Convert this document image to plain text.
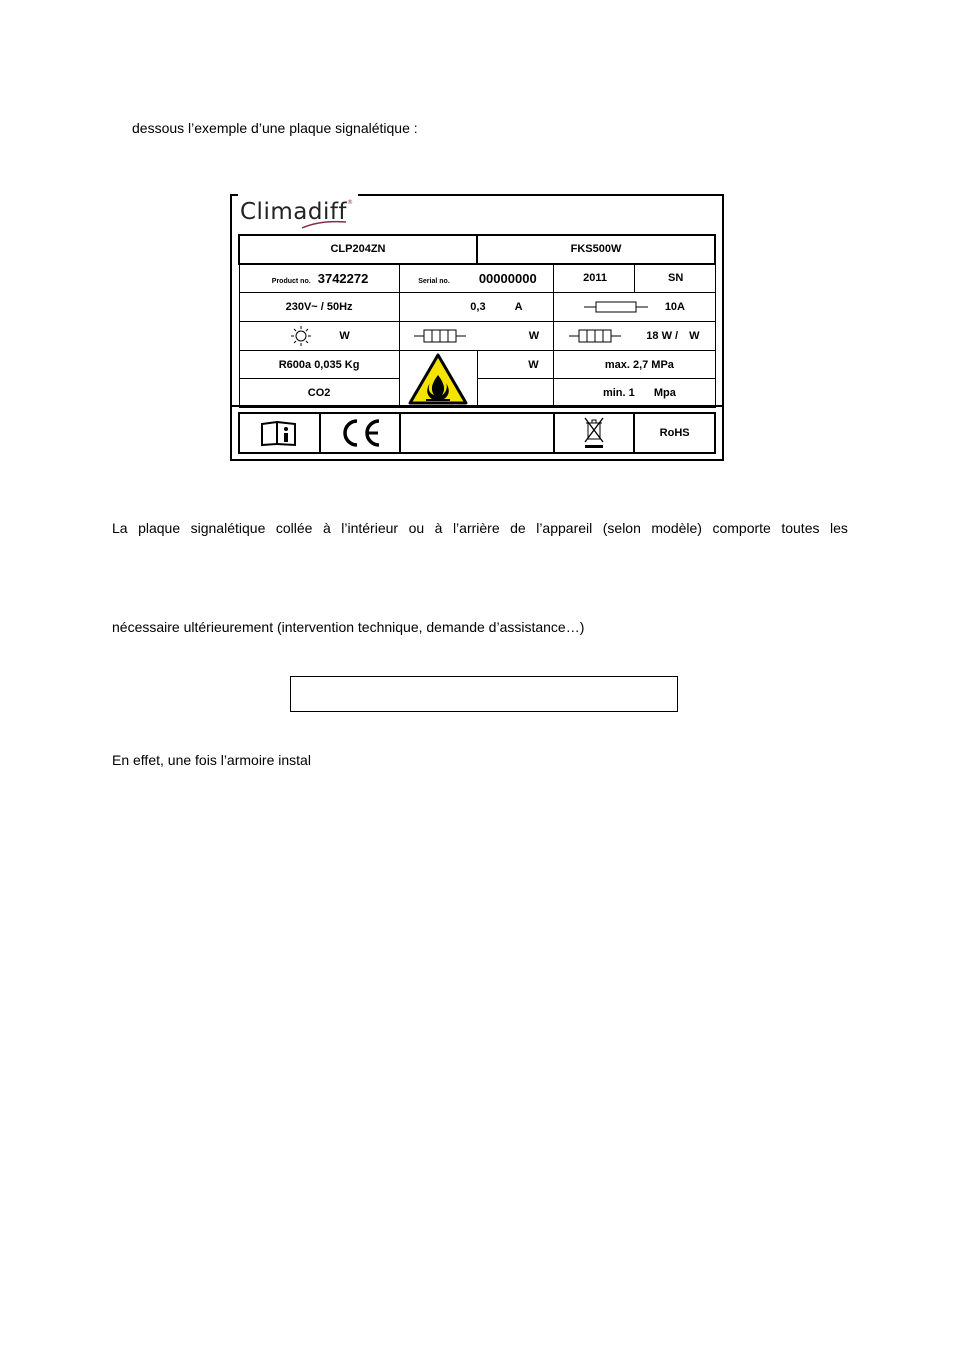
dessous l’exemple d’une plaque signalétique :
Climadiff®
CLP204ZN		FKS500W		
Product no. 3742272	Serial no. 00000000		2011	SN
230V~ / 50Hz	0,3 A		10A	
W	W		18 W / W	
R600a 0,035 Kg		W	max. 2,7 MPa	
CO2			min. 1 Mpa	
				RoHS
La plaque signalétique collée à l’intérieur ou à l’arrière de l’appareil (selon modèle) comporte toutes les
nécessaire ultérieurement (intervention technique, demande d’assistance…)
En effet, une fois l’armoire instal
